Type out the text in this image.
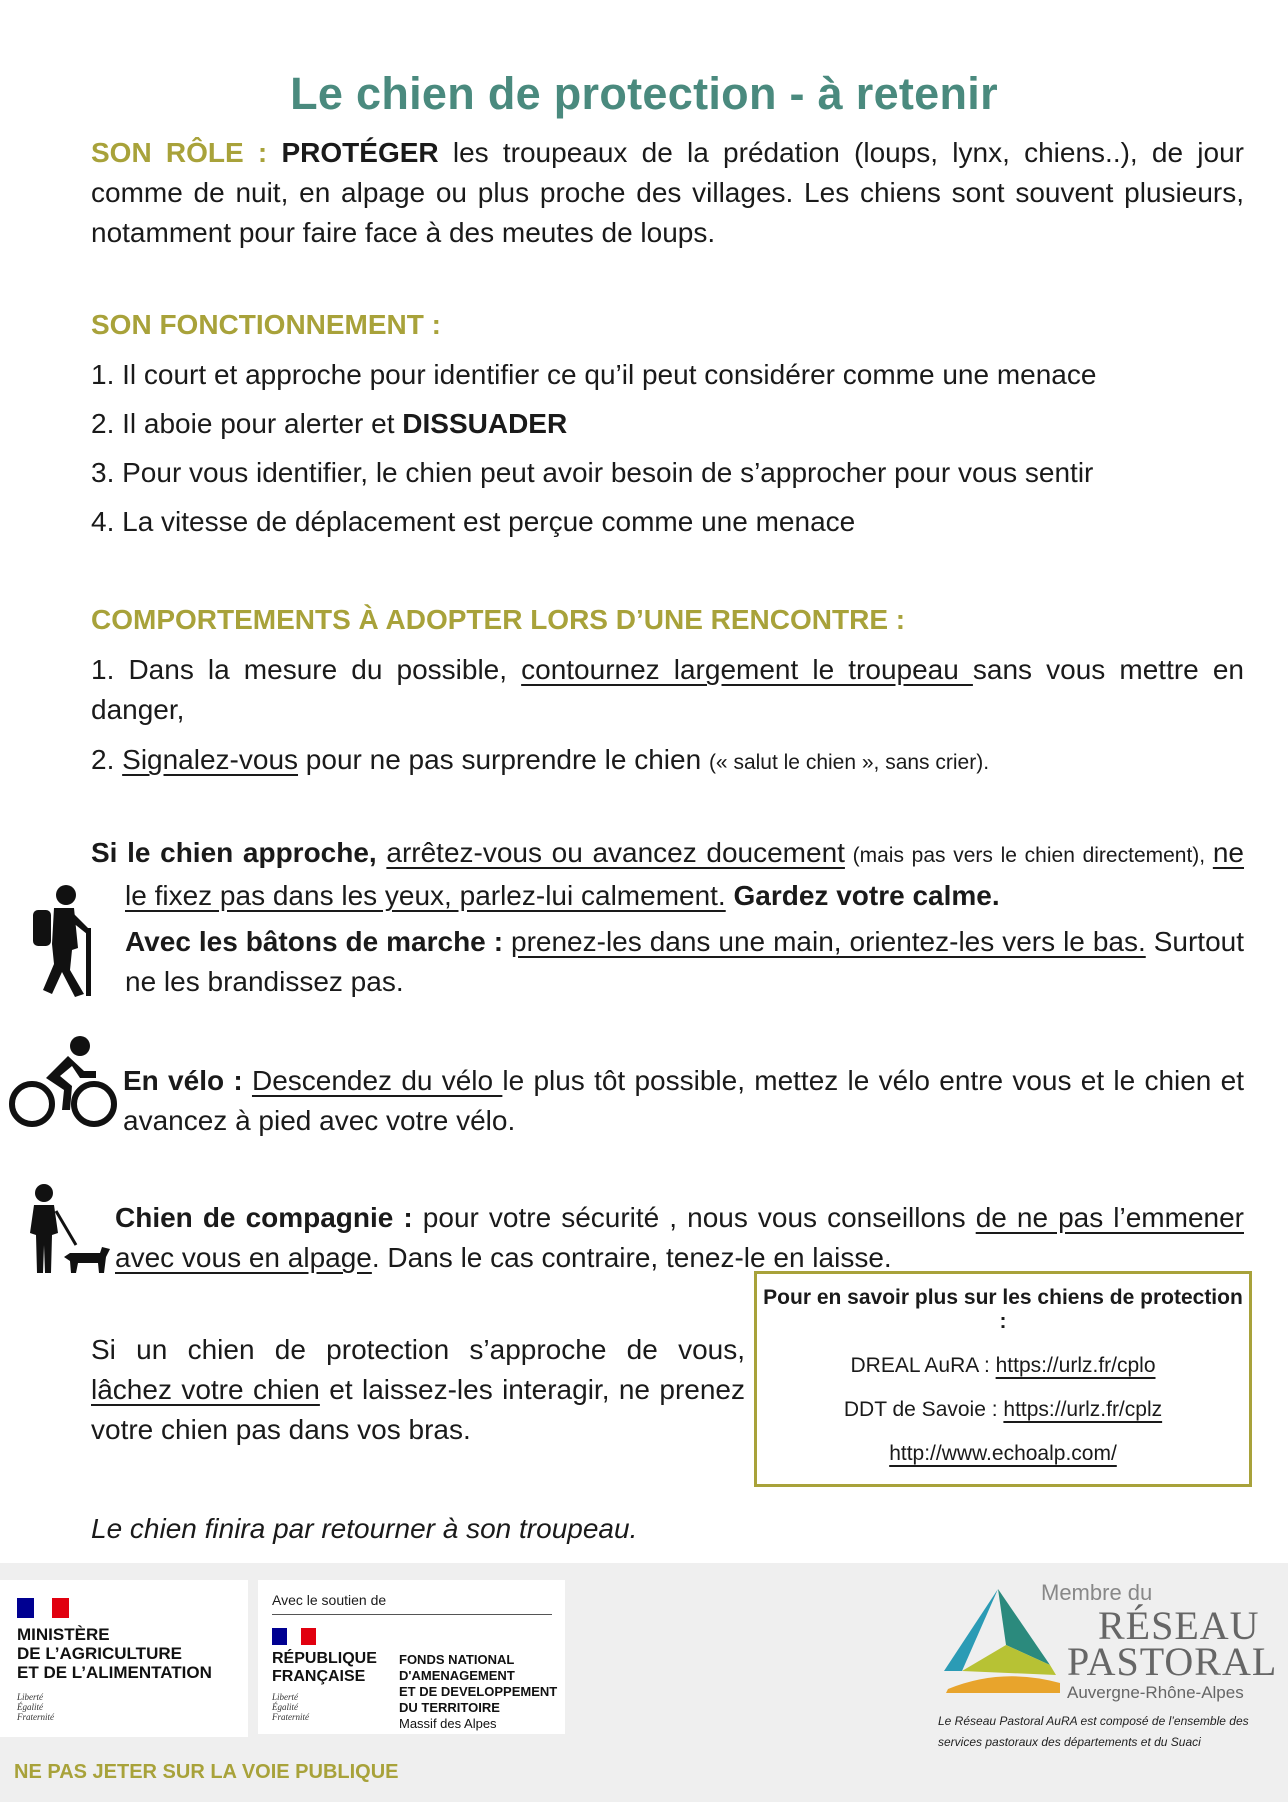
Le chien de protection - à retenir

SON RÔLE : PROTÉGER les troupeaux de la prédation (loups, lynx, chiens..), de jour comme de nuit, en alpage ou plus proche des villages. Les chiens sont souvent plusieurs, notamment pour faire face à des meutes de loups.

SON FONCTIONNEMENT :
1. Il court et approche pour identifier ce qu’il peut considérer comme une menace
2. Il aboie pour alerter et DISSUADER
3. Pour vous identifier, le chien peut avoir besoin de s’approcher pour vous sentir
4. La vitesse de déplacement est perçue comme une menace
COMPORTEMENTS À ADOPTER LORS D’UNE RENCONTRE :

1. Dans la mesure du possible, contournez largement le troupeau sans vous mettre en danger,

2. Signalez-vous pour ne pas surprendre le chien (« salut le chien », sans crier).

Si le chien approche, arrêtez-vous ou avancez doucement (mais pas vers le chien directement), ne le fixez pas dans les yeux, parlez-lui calmement. Gardez votre calme.

Avec les bâtons de marche : prenez-les dans une main, orientez-les vers le bas. Surtout ne les brandissez pas.

En vélo : Descendez du vélo le plus tôt possible, mettez le vélo entre vous et le chien et avancez à pied avec votre vélo.

Chien de compagnie : pour votre sécurité , nous vous conseillons de ne pas l’emmener avec vous en alpage. Dans le cas contraire, tenez-le en laisse.

Si un chien de protection s’approche de vous, lâchez votre chien et laissez-les interagir, ne prenez votre chien pas dans vos bras.

Pour en savoir plus sur les chiens de protection :
DREAL AuRA : https://urlz.fr/cplo
DDT de Savoie : https://urlz.fr/cplz
http://www.echoalp.com/
Le chien finira par retourner à son troupeau.
MINISTÈRE
DE L’AGRICULTURE
ET DE L’ALIMENTATION
Liberté
Égalité
Fraternité
Avec le soutien de
RÉPUBLIQUE
FRANÇAISE
Liberté
Égalité
Fraternité
FONDS NATIONAL
D'AMENAGEMENT
ET DE DEVELOPPEMENT
DU TERRITOIRE
Massif des Alpes
Membre du
RÉSEAU
PASTORAL
Auvergne-Rhône-Alpes
Le Réseau Pastoral AuRA est composé de l’ensemble des services pastoraux des départements et du Suaci
NE PAS JETER SUR LA VOIE PUBLIQUE
